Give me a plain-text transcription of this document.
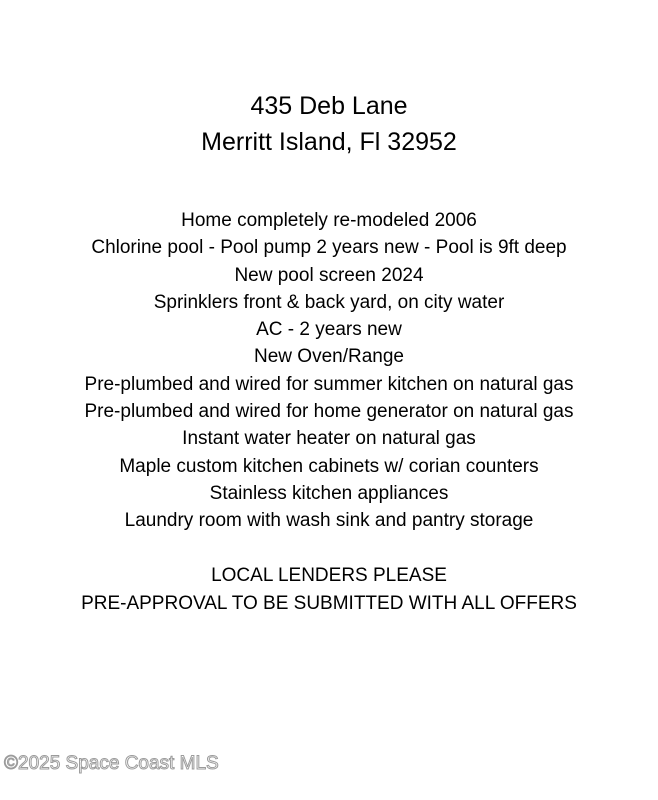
435 Deb Lane
Merritt Island, Fl 32952
Home completely re-modeled 2006
Chlorine pool - Pool pump 2 years new - Pool is 9ft deep
New pool screen 2024
Sprinklers front & back yard, on city water
AC - 2 years new
New Oven/Range
Pre-plumbed and wired for summer kitchen on natural gas
Pre-plumbed and wired for home generator on natural gas
Instant water heater on natural gas
Maple custom kitchen cabinets w/ corian counters
Stainless kitchen appliances
Laundry room with wash sink and pantry storage
LOCAL LENDERS PLEASE
PRE-APPROVAL TO BE SUBMITTED WITH ALL OFFERS
©2025 Space Coast MLS
